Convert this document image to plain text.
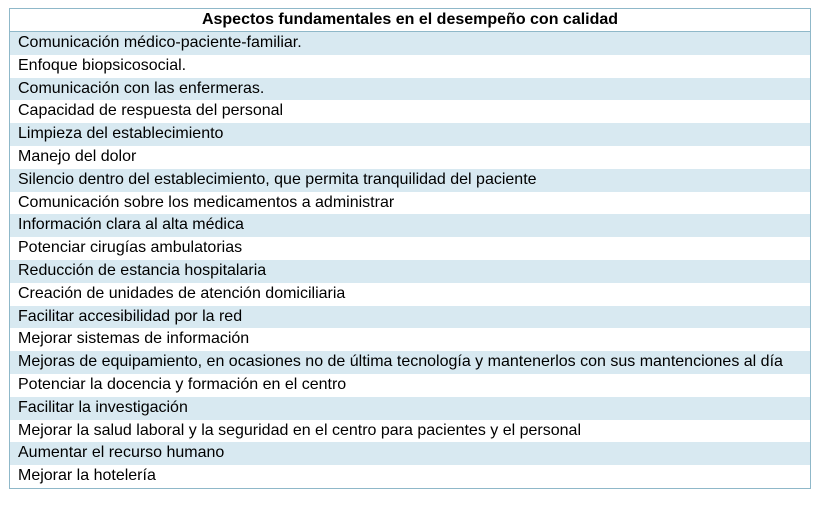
Aspectos fundamentales en el desempeño con calidad
Comunicación médico-paciente-familiar.
Enfoque biopsicosocial.
Comunicación con las enfermeras.
Capacidad de respuesta del personal
Limpieza del establecimiento
Manejo del dolor
Silencio dentro del establecimiento, que permita tranquilidad del paciente
Comunicación sobre los medicamentos a administrar
Información clara al alta médica
Potenciar cirugías ambulatorias
Reducción de estancia hospitalaria
Creación de unidades de atención domiciliaria
Facilitar accesibilidad por la red
Mejorar sistemas de información
Mejoras de equipamiento, en ocasiones no de última tecnología y mantenerlos con sus mantenciones al día
Potenciar la docencia y formación en el centro
Facilitar la investigación
Mejorar la salud laboral y la seguridad en el centro para pacientes y el personal
Aumentar el recurso humano
Mejorar la hotelería
